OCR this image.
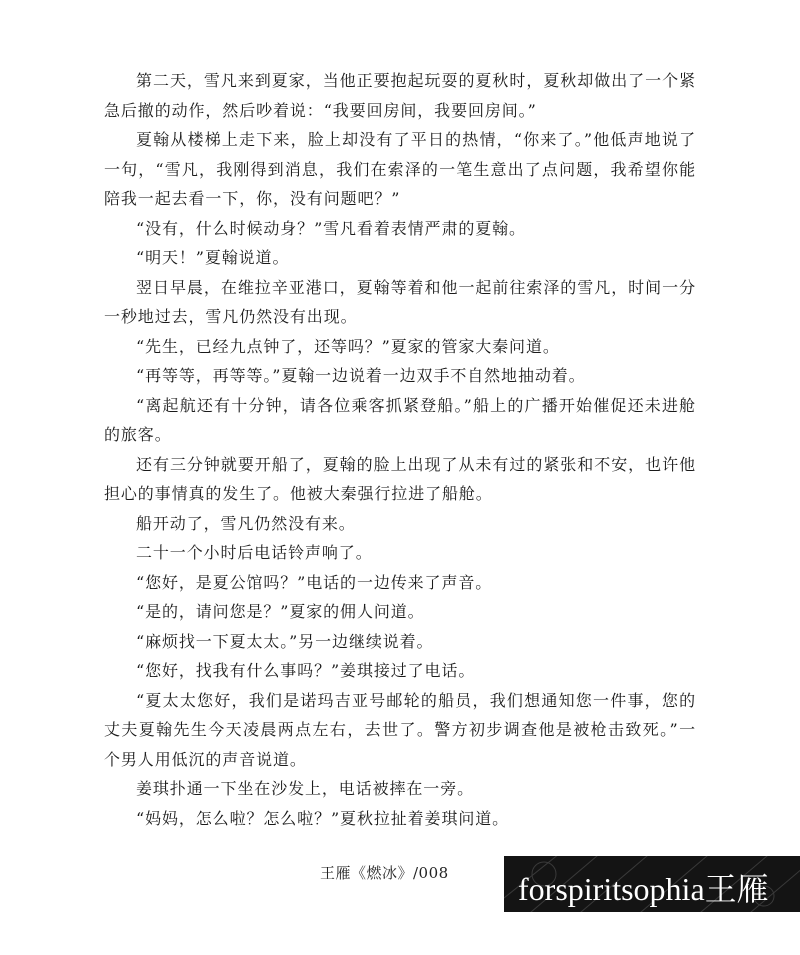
第二天，雪凡来到夏家，当他正要抱起玩耍的夏秋时，夏秋却做出了一个紧急后撤的动作，然后吵着说：“我要回房间，我要回房间。”

夏翰从楼梯上走下来，脸上却没有了平日的热情，“你来了。”他低声地说了一句，“雪凡，我刚得到消息，我们在索泽的一笔生意出了点问题，我希望你能陪我一起去看一下，你，没有问题吧？”

“没有，什么时候动身？”雪凡看着表情严肃的夏翰。

“明天！”夏翰说道。

翌日早晨，在维拉辛亚港口，夏翰等着和他一起前往索泽的雪凡，时间一分一秒地过去，雪凡仍然没有出现。

“先生，已经九点钟了，还等吗？”夏家的管家大秦问道。

“再等等，再等等。”夏翰一边说着一边双手不自然地抽动着。

“离起航还有十分钟，请各位乘客抓紧登船。”船上的广播开始催促还未进舱的旅客。

还有三分钟就要开船了，夏翰的脸上出现了从未有过的紧张和不安，也许他担心的事情真的发生了。他被大秦强行拉进了船舱。

船开动了，雪凡仍然没有来。

二十一个小时后电话铃声响了。

“您好，是夏公馆吗？”电话的一边传来了声音。

“是的，请问您是？”夏家的佣人问道。

“麻烦找一下夏太太。”另一边继续说着。

“您好，找我有什么事吗？”姜琪接过了电话。

“夏太太您好，我们是诺玛吉亚号邮轮的船员，我们想通知您一件事，您的丈夫夏翰先生今天凌晨两点左右，去世了。警方初步调查他是被枪击致死。”一个男人用低沉的声音说道。

姜琪扑通一下坐在沙发上，电话被摔在一旁。

“妈妈，怎么啦？怎么啦？”夏秋拉扯着姜琪问道。

王雁《燃冰》/008 forspiritsophia王雁
